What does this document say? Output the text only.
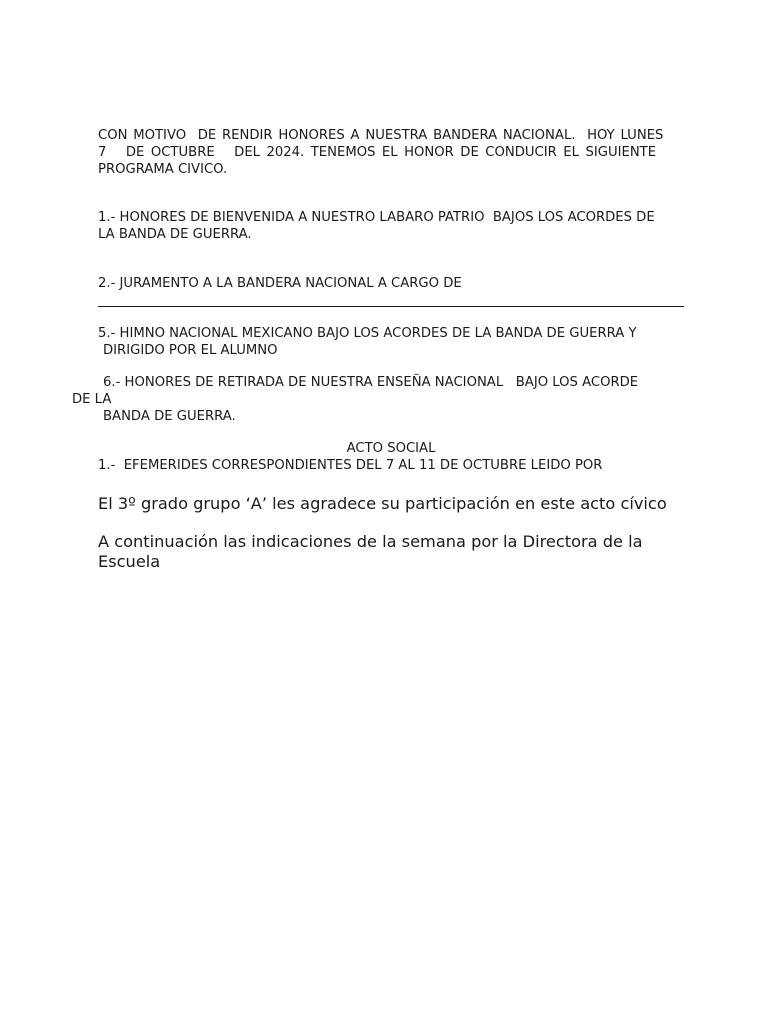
CON MOTIVO  DE RENDIR HONORES A NUESTRA BANDERA NACIONAL.  HOY LUNES
7   DE OCTUBRE   DEL 2024. TENEMOS EL HONOR DE CONDUCIR EL SIGUIENTE
PROGRAMA CIVICO.
1.- HONORES DE BIENVENIDA A NUESTRO LABARO PATRIO  BAJOS LOS ACORDES DE
LA BANDA DE GUERRA.
2.- JURAMENTO A LA BANDERA NACIONAL A CARGO DE
5.- HIMNO NACIONAL MEXICANO BAJO LOS ACORDES DE LA BANDA DE GUERRA Y
DIRIGIDO POR EL ALUMNO
6.- HONORES DE RETIRADA DE NUESTRA ENSEÑA NACIONAL   BAJO LOS ACORDE
DE LA
BANDA DE GUERRA.
ACTO SOCIAL
1.-  EFEMERIDES CORRESPONDIENTES DEL 7 AL 11 DE OCTUBRE LEIDO POR
El 3º grado grupo ‘A’ les agradece su participación en este acto cívico
A continuación las indicaciones de la semana por la Directora de la
Escuela
